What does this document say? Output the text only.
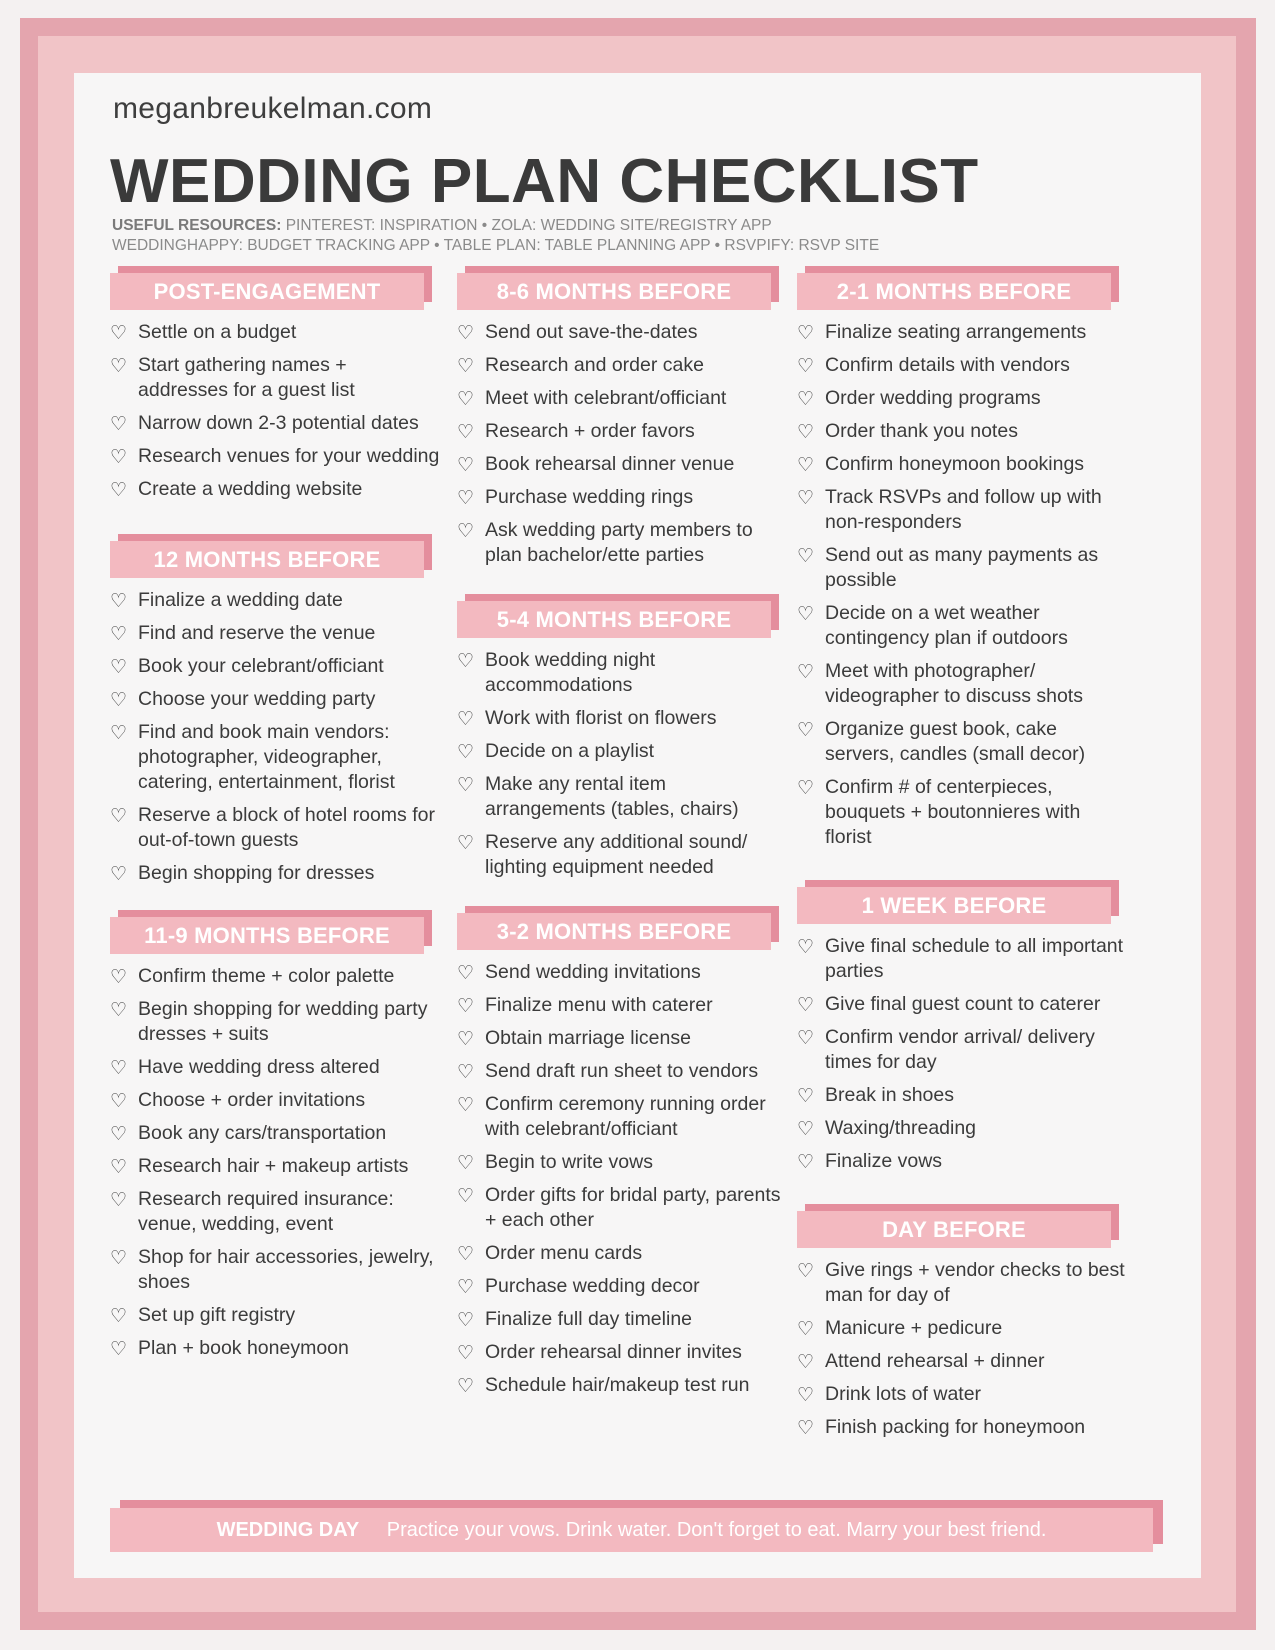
meganbreukelman.com
WEDDING PLAN CHECKLIST
USEFUL RESOURCES: PINTEREST: INSPIRATION • ZOLA: WEDDING SITE/REGISTRY APP
WEDDINGHAPPY: BUDGET TRACKING APP • TABLE PLAN: TABLE PLANNING APP • RSVPIFY: RSVP SITE
POST-ENGAGEMENT
♡ Settle on a budget
♡ Start gathering names + addresses for a guest list
♡ Narrow down 2-3 potential dates
♡ Research venues for your wedding
♡ Create a wedding website
12 MONTHS BEFORE
♡ Finalize a wedding date
♡ Find and reserve the venue
♡ Book your celebrant/officiant
♡ Choose your wedding party
♡ Find and book main vendors: photographer, videographer, catering, entertainment, florist
♡ Reserve a block of hotel rooms for out-of-town guests
♡ Begin shopping for dresses
11-9 MONTHS BEFORE
♡ Confirm theme + color palette
♡ Begin shopping for wedding party dresses + suits
♡ Have wedding dress altered
♡ Choose + order invitations
♡ Book any cars/transportation
♡ Research hair + makeup artists
♡ Research required insurance: venue, wedding, event
♡ Shop for hair accessories, jewelry, shoes
♡ Set up gift registry
♡ Plan + book honeymoon
8-6 MONTHS BEFORE
♡ Send out save-the-dates
♡ Research and order cake
♡ Meet with celebrant/officiant
♡ Research + order favors
♡ Book rehearsal dinner venue
♡ Purchase wedding rings
♡ Ask wedding party members to plan bachelor/ette parties
5-4 MONTHS BEFORE
♡ Book wedding night accommodations
♡ Work with florist on flowers
♡ Decide on a playlist
♡ Make any rental item arrangements (tables, chairs)
♡ Reserve any additional sound/ lighting equipment needed
3-2 MONTHS BEFORE
♡ Send wedding invitations
♡ Finalize menu with caterer
♡ Obtain marriage license
♡ Send draft run sheet to vendors
♡ Confirm ceremony running order with celebrant/officiant
♡ Begin to write vows
♡ Order gifts for bridal party, parents + each other
♡ Order menu cards
♡ Purchase wedding decor
♡ Finalize full day timeline
♡ Order rehearsal dinner invites
♡ Schedule hair/makeup test run
2-1 MONTHS BEFORE
♡ Finalize seating arrangements
♡ Confirm details with vendors
♡ Order wedding programs
♡ Order thank you notes
♡ Confirm honeymoon bookings
♡ Track RSVPs and follow up with non-responders
♡ Send out as many payments as possible
♡ Decide on a wet weather contingency plan if outdoors
♡ Meet with photographer/ videographer to discuss shots
♡ Organize guest book, cake servers, candles (small decor)
♡ Confirm # of centerpieces, bouquets + boutonnieres with florist
1 WEEK BEFORE
♡ Give final schedule to all important parties
♡ Give final guest count to caterer
♡ Confirm vendor arrival/ delivery times for day
♡ Break in shoes
♡ Waxing/threading
♡ Finalize vows
DAY BEFORE
♡ Give rings + vendor checks to best man for day of
♡ Manicure + pedicure
♡ Attend rehearsal + dinner
♡ Drink lots of water
♡ Finish packing for honeymoon
WEDDING DAY Practice your vows. Drink water. Don't forget to eat. Marry your best friend.
